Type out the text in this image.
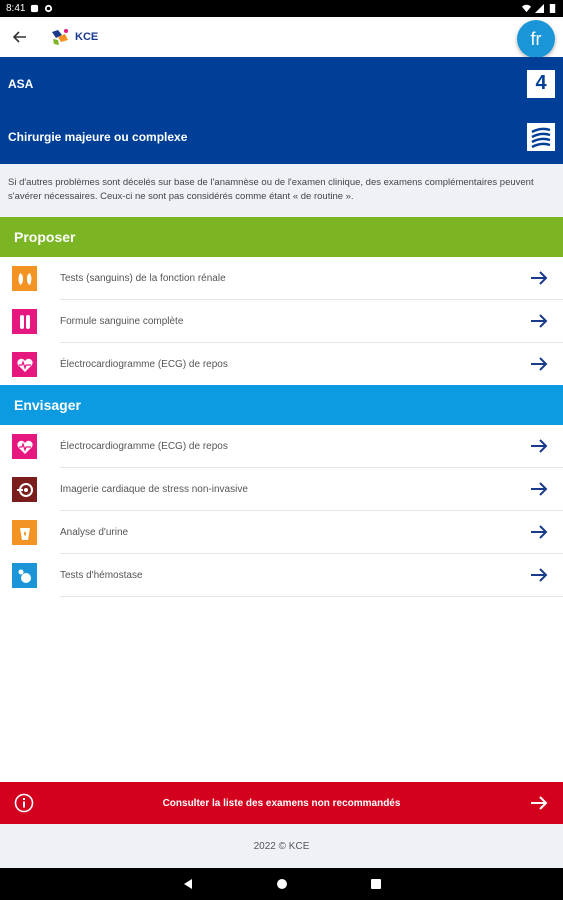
8:41
KCE	fr
ASA	4
Chirurgie majeure ou complexe
Si d'autres problèmes sont décelés sur base de l'anamnèse ou de l'examen clinique, des examens complémentaires peuvent s'avérer nécessaires. Ceux-ci ne sont pas considérés comme étant « de routine ».
Proposer
Tests (sanguins) de la fonction rénale
Formule sanguine complète
Électrocardiogramme (ECG) de repos
Envisager
Électrocardiogramme (ECG) de repos
Imagerie cardiaque de stress non-invasive
Analyse d'urine
Tests d'hémostase
Consulter la liste des examens non recommandés
2022 © KCE
